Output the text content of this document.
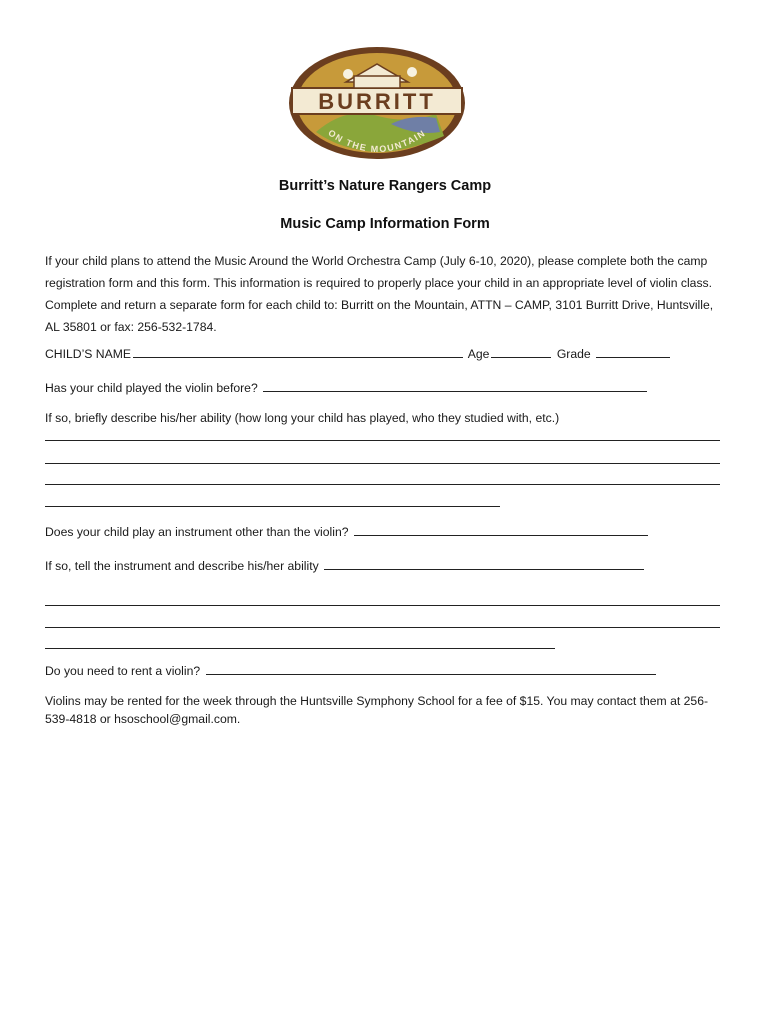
BURRITT
ON THE MOUNTAIN
Burritt’s Nature Rangers Camp
Music Camp Information Form
If your child plans to attend the Music Around the World Orchestra Camp (July 6-10, 2020), please complete both the camp registration form and this form. This information is required to properly place your child in an appropriate level of violin class. Complete and return a separate form for each child to: Burritt on the Mountain, ATTN – CAMP, 3101 Burritt Drive, Huntsville, AL 35801 or fax: 256-532-1784.
CHILD’S NAME	Age	Grade
Has your child played the violin before?
If so, briefly describe his/her ability (how long your child has played, who they studied with, etc.)
Does your child play an instrument other than the violin?
If so, tell the instrument and describe his/her ability
Do you need to rent a violin?
Violins may be rented for the week through the Huntsville Symphony School for a fee of $15. You may contact them at 256-539-4818 or hsoschool@gmail.com.
